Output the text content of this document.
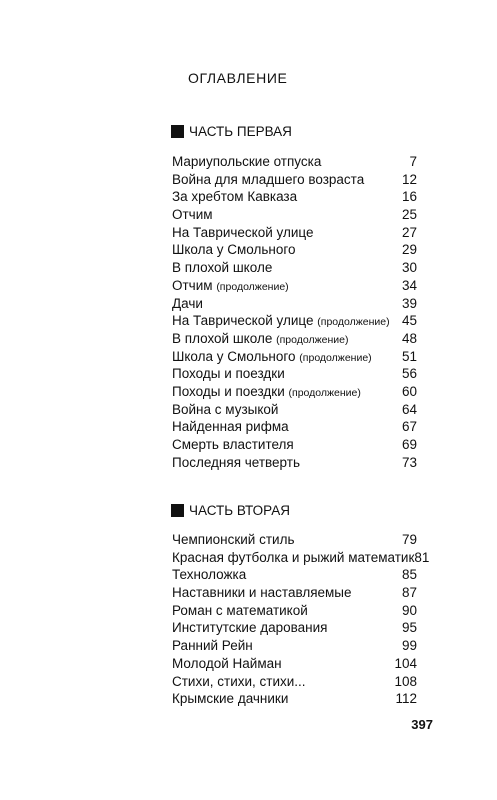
ОГЛАВЛЕНИЕ
ЧАСТЬ ПЕРВАЯ
Мариупольские отпуска	7
Война для младшего возраста	12
За хребтом Кавказа	16
Отчим	25
На Таврической улице	27
Школа у Смольного	29
В плохой школе	30
Отчим (продолжение)	34
Дачи	39
На Таврической улице (продолжение) 45
В плохой школе (продолжение)	48
Школа у Смольного (продолжение) 51
Походы и поездки	56
Походы и поездки (продолжение)	60
Война с музыкой	64
Найденная рифма	67
Смерть властителя	69
Последняя четверть	73
ЧАСТЬ ВТОРАЯ
Чемпионский стиль	79
Красная футболка и рыжий математик 81
Техноложка	85
Наставники и наставляемые	87
Роман с математикой	90
Институтские дарования	95
Ранний Рейн	99
Молодой Найман	104
Стихи, стихи, стихи...	108
Крымские дачники	112
397
